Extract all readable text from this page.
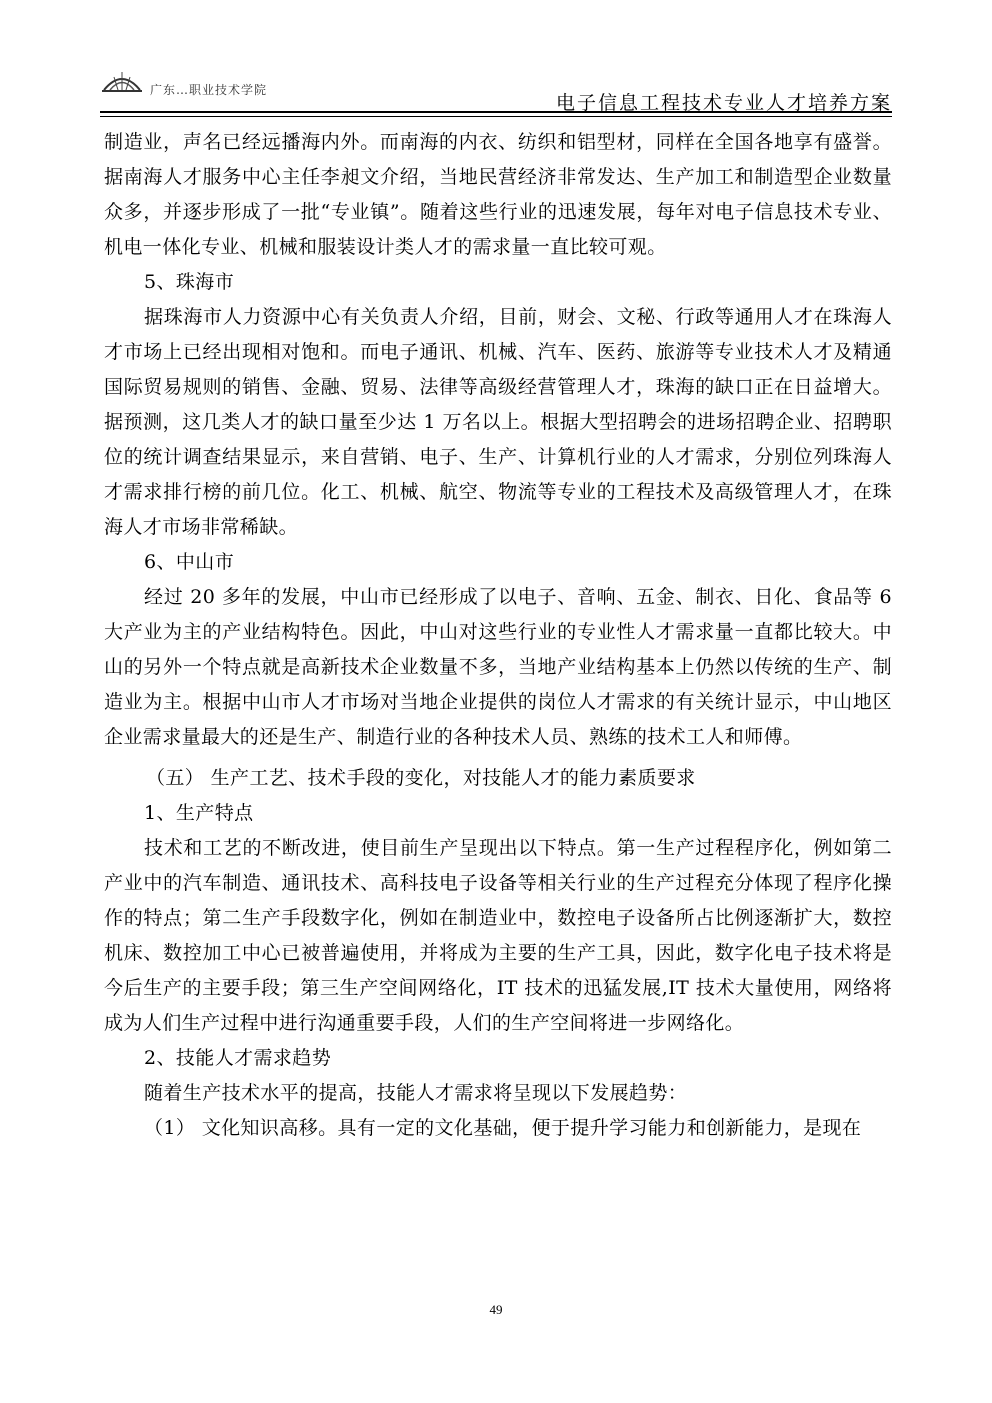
广东…职业技术学院
电子信息工程技术专业人才培养方案

制造业，声名已经远播海内外。而南海的内衣、纺织和铝型材，同样在全国各地享有盛誉。据南海人才服务中心主任李昶文介绍，当地民营经济非常发达、生产加工和制造型企业数量众多，并逐步形成了一批“专业镇”。随着这些行业的迅速发展，每年对电子信息技术专业、机电一体化专业、机械和服装设计类人才的需求量一直比较可观。

5、珠海市

据珠海市人力资源中心有关负责人介绍，目前，财会、文秘、行政等通用人才在珠海人才市场上已经出现相对饱和。而电子通讯、机械、汽车、医药、旅游等专业技术人才及精通国际贸易规则的销售、金融、贸易、法律等高级经营管理人才，珠海的缺口正在日益增大。据预测，这几类人才的缺口量至少达 1 万名以上。根据大型招聘会的进场招聘企业、招聘职位的统计调查结果显示，来自营销、电子、生产、计算机行业的人才需求，分别位列珠海人才需求排行榜的前几位。化工、机械、航空、物流等专业的工程技术及高级管理人才，在珠海人才市场非常稀缺。

6、中山市

经过 20 多年的发展，中山市已经形成了以电子、音响、五金、制衣、日化、食品等 6 大产业为主的产业结构特色。因此，中山对这些行业的专业性人才需求量一直都比较大。中山的另外一个特点就是高新技术企业数量不多，当地产业结构基本上仍然以传统的生产、制造业为主。根据中山市人才市场对当地企业提供的岗位人才需求的有关统计显示，中山地区企业需求量最大的还是生产、制造行业的各种技术人员、熟练的技术工人和师傅。

（五） 生产工艺、技术手段的变化，对技能人才的能力素质要求

1、生产特点

技术和工艺的不断改进，使目前生产呈现出以下特点。第一生产过程程序化，例如第二产业中的汽车制造、通讯技术、高科技电子设备等相关行业的生产过程充分体现了程序化操作的特点；第二生产手段数字化，例如在制造业中，数控电子设备所占比例逐渐扩大，数控机床、数控加工中心已被普遍使用，并将成为主要的生产工具，因此，数字化电子技术将是今后生产的主要手段；第三生产空间网络化，IT 技术的迅猛发展,IT 技术大量使用，网络将成为人们生产过程中进行沟通重要手段，人们的生产空间将进一步网络化。

2、技能人才需求趋势

随着生产技术水平的提高，技能人才需求将呈现以下发展趋势：

（1） 文化知识高移。具有一定的文化基础，便于提升学习能力和创新能力，是现在

49
